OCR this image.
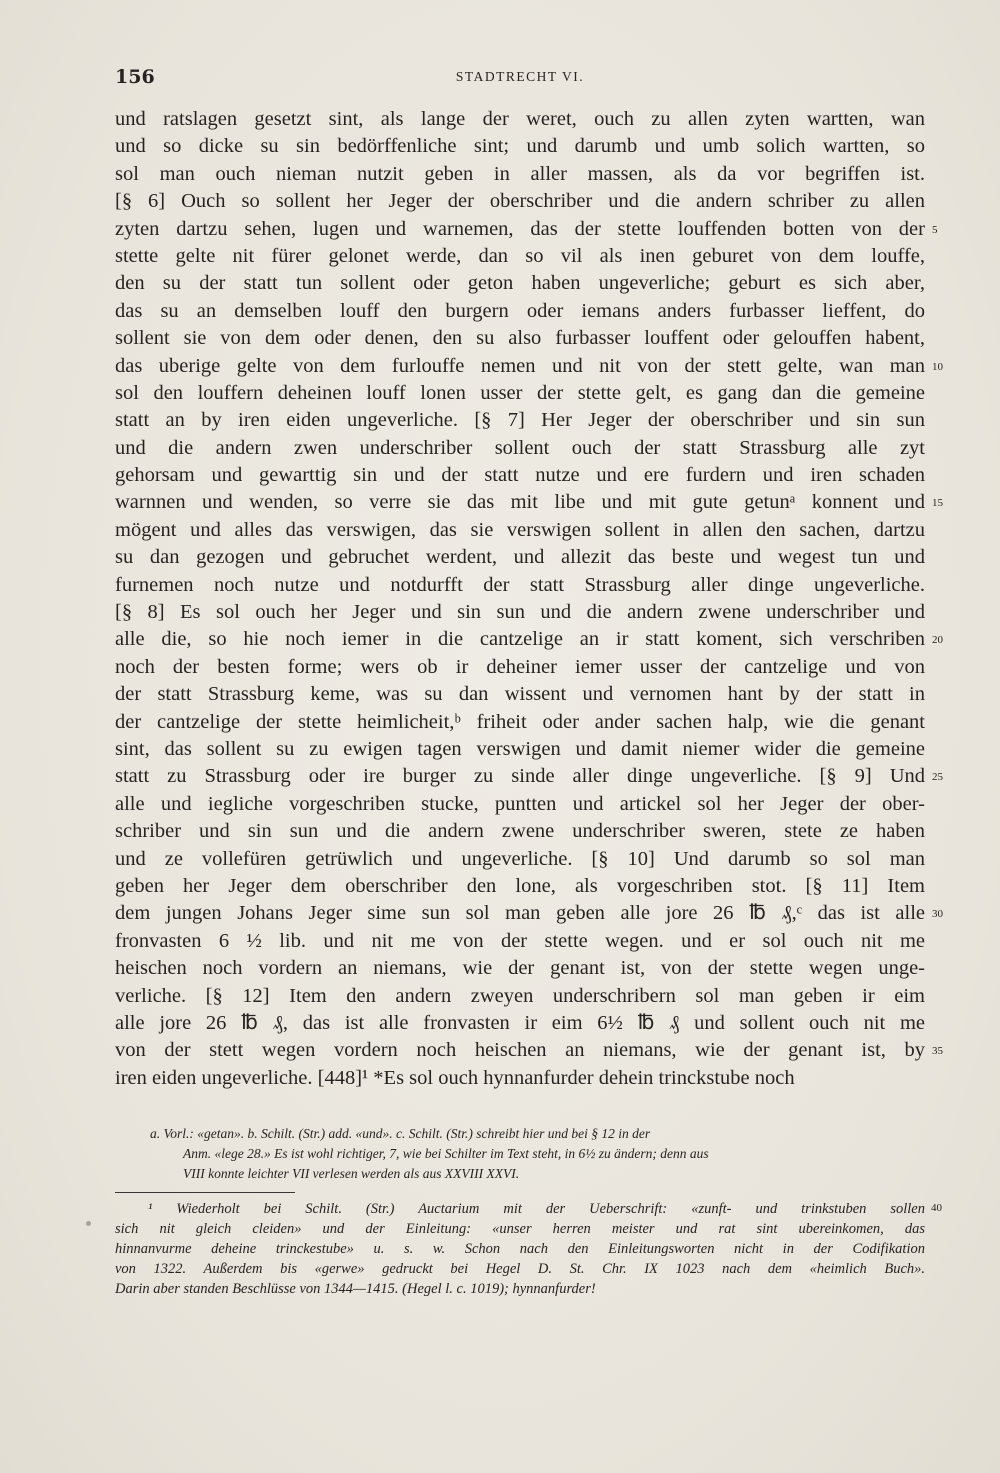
156	STADTRECHT VI.
und ratslagen gesetzt sint, als lange der weret, ouch zu allen zyten wartten, wan
und so dicke su sin bedörffenliche sint; und darumb und umb solich wartten, so
sol man ouch nieman nutzit geben in aller massen, als da vor begriffen ist.
[§ 6] Ouch so sollent her Jeger der oberschriber und die andern schriber zu allen
zyten dartzu sehen, lugen und warnemen, das der stette louffenden botten von der 5
stette gelte nit fürer gelonet werde, dan so vil als inen geburet von dem louffe,
den su der statt tun sollent oder geton haben ungeverliche; geburt es sich aber,
das su an demselben louff den burgern oder iemans anders furbasser lieffent, do
sollent sie von dem oder denen, den su also furbasser louffent oder gelouffen habent,
das uberige gelte von dem furlouffe nemen und nit von der stett gelte, wan man 10
sol den louffern deheinen louff lonen usser der stette gelt, es gang dan die gemeine
statt an by iren eiden ungeverliche. [§ 7] Her Jeger der oberschriber und sin sun
und die andern zwen underschriber sollent ouch der statt Strassburg alle zyt
gehorsam und gewarttig sin und der statt nutze und ere furdern und iren schaden
warnnen und wenden, so verre sie das mit libe und mit gute getunᵃ konnent und 15
mögent und alles das verswigen, das sie verswigen sollent in allen den sachen, dartzu
su dan gezogen und gebruchet werdent, und allezit das beste und wegest tun und
furnemen noch nutze und notdurfft der statt Strassburg aller dinge ungeverliche.
[§ 8] Es sol ouch her Jeger und sin sun und die andern zwene underschriber und
alle die, so hie noch iemer in die cantzelige an ir statt koment, sich verschriben 20
noch der besten forme; wers ob ir deheiner iemer usser der cantzelige und von
der statt Strassburg keme, was su dan wissent und vernomen hant by der statt in
der cantzelige der stette heimlicheit,ᵇ friheit oder ander sachen halp, wie die genant
sint, das sollent su zu ewigen tagen verswigen und damit niemer wider die gemeine
statt zu Strassburg oder ire burger zu sinde aller dinge ungeverliche. [§ 9] Und 25
alle und iegliche vorgeschriben stucke, puntten und artickel sol her Jeger der ober-
schriber und sin sun und die andern zwene underschriber sweren, stete ze haben
und ze vollefüren getrüwlich und ungeverliche. [§ 10] Und darumb so sol man
geben her Jeger dem oberschriber den lone, als vorgeschriben stot. [§ 11] Item
dem jungen Johans Jeger sime sun sol man geben alle jore 26 ℔ ₰,ᶜ das ist alle 30
fronvasten 6 ½ lib. und nit me von der stette wegen. und er sol ouch nit me
heischen noch vordern an niemans, wie der genant ist, von der stette wegen unge-
verliche. [§ 12] Item den andern zweyen underschribern sol man geben ir eim
alle jore 26 ℔ ₰, das ist alle fronvasten ir eim 6½ ℔ ₰ und sollent ouch nit me
von der stett wegen vordern noch heischen an niemans, wie der genant ist, by 35
iren eiden ungeverliche. [448]¹ *Es sol ouch hynnanfurder dehein trinckstube noch
a. Vorl.: «getan». b. Schilt. (Str.) add. «und». c. Schilt. (Str.) schreibt hier und bei § 12 in der
Anm. «lege 28.» Es ist wohl richtiger, 7, wie bei Schilter im Text steht, in 6½ zu ändern; denn aus
VIII konnte leichter VII verlesen werden als aus XXVIII XXVI.
40
¹ Wiederholt bei Schilt. (Str.) Auctarium mit der Ueberschrift: «zunft- und trinkstuben sollen
sich nit gleich cleiden» und der Einleitung: «unser herren meister und rat sint ubereinkomen, das
hinnanvurme deheine trinckestube» u. s. w. Schon nach den Einleitungsworten nicht in der Codifikation
von 1322. Außerdem bis «gerwe» gedruckt bei Hegel D. St. Chr. IX 1023 nach dem «heimlich Buch».
Darin aber standen Beschlüsse von 1344—1415. (Hegel l. c. 1019); hynnanfurder!
